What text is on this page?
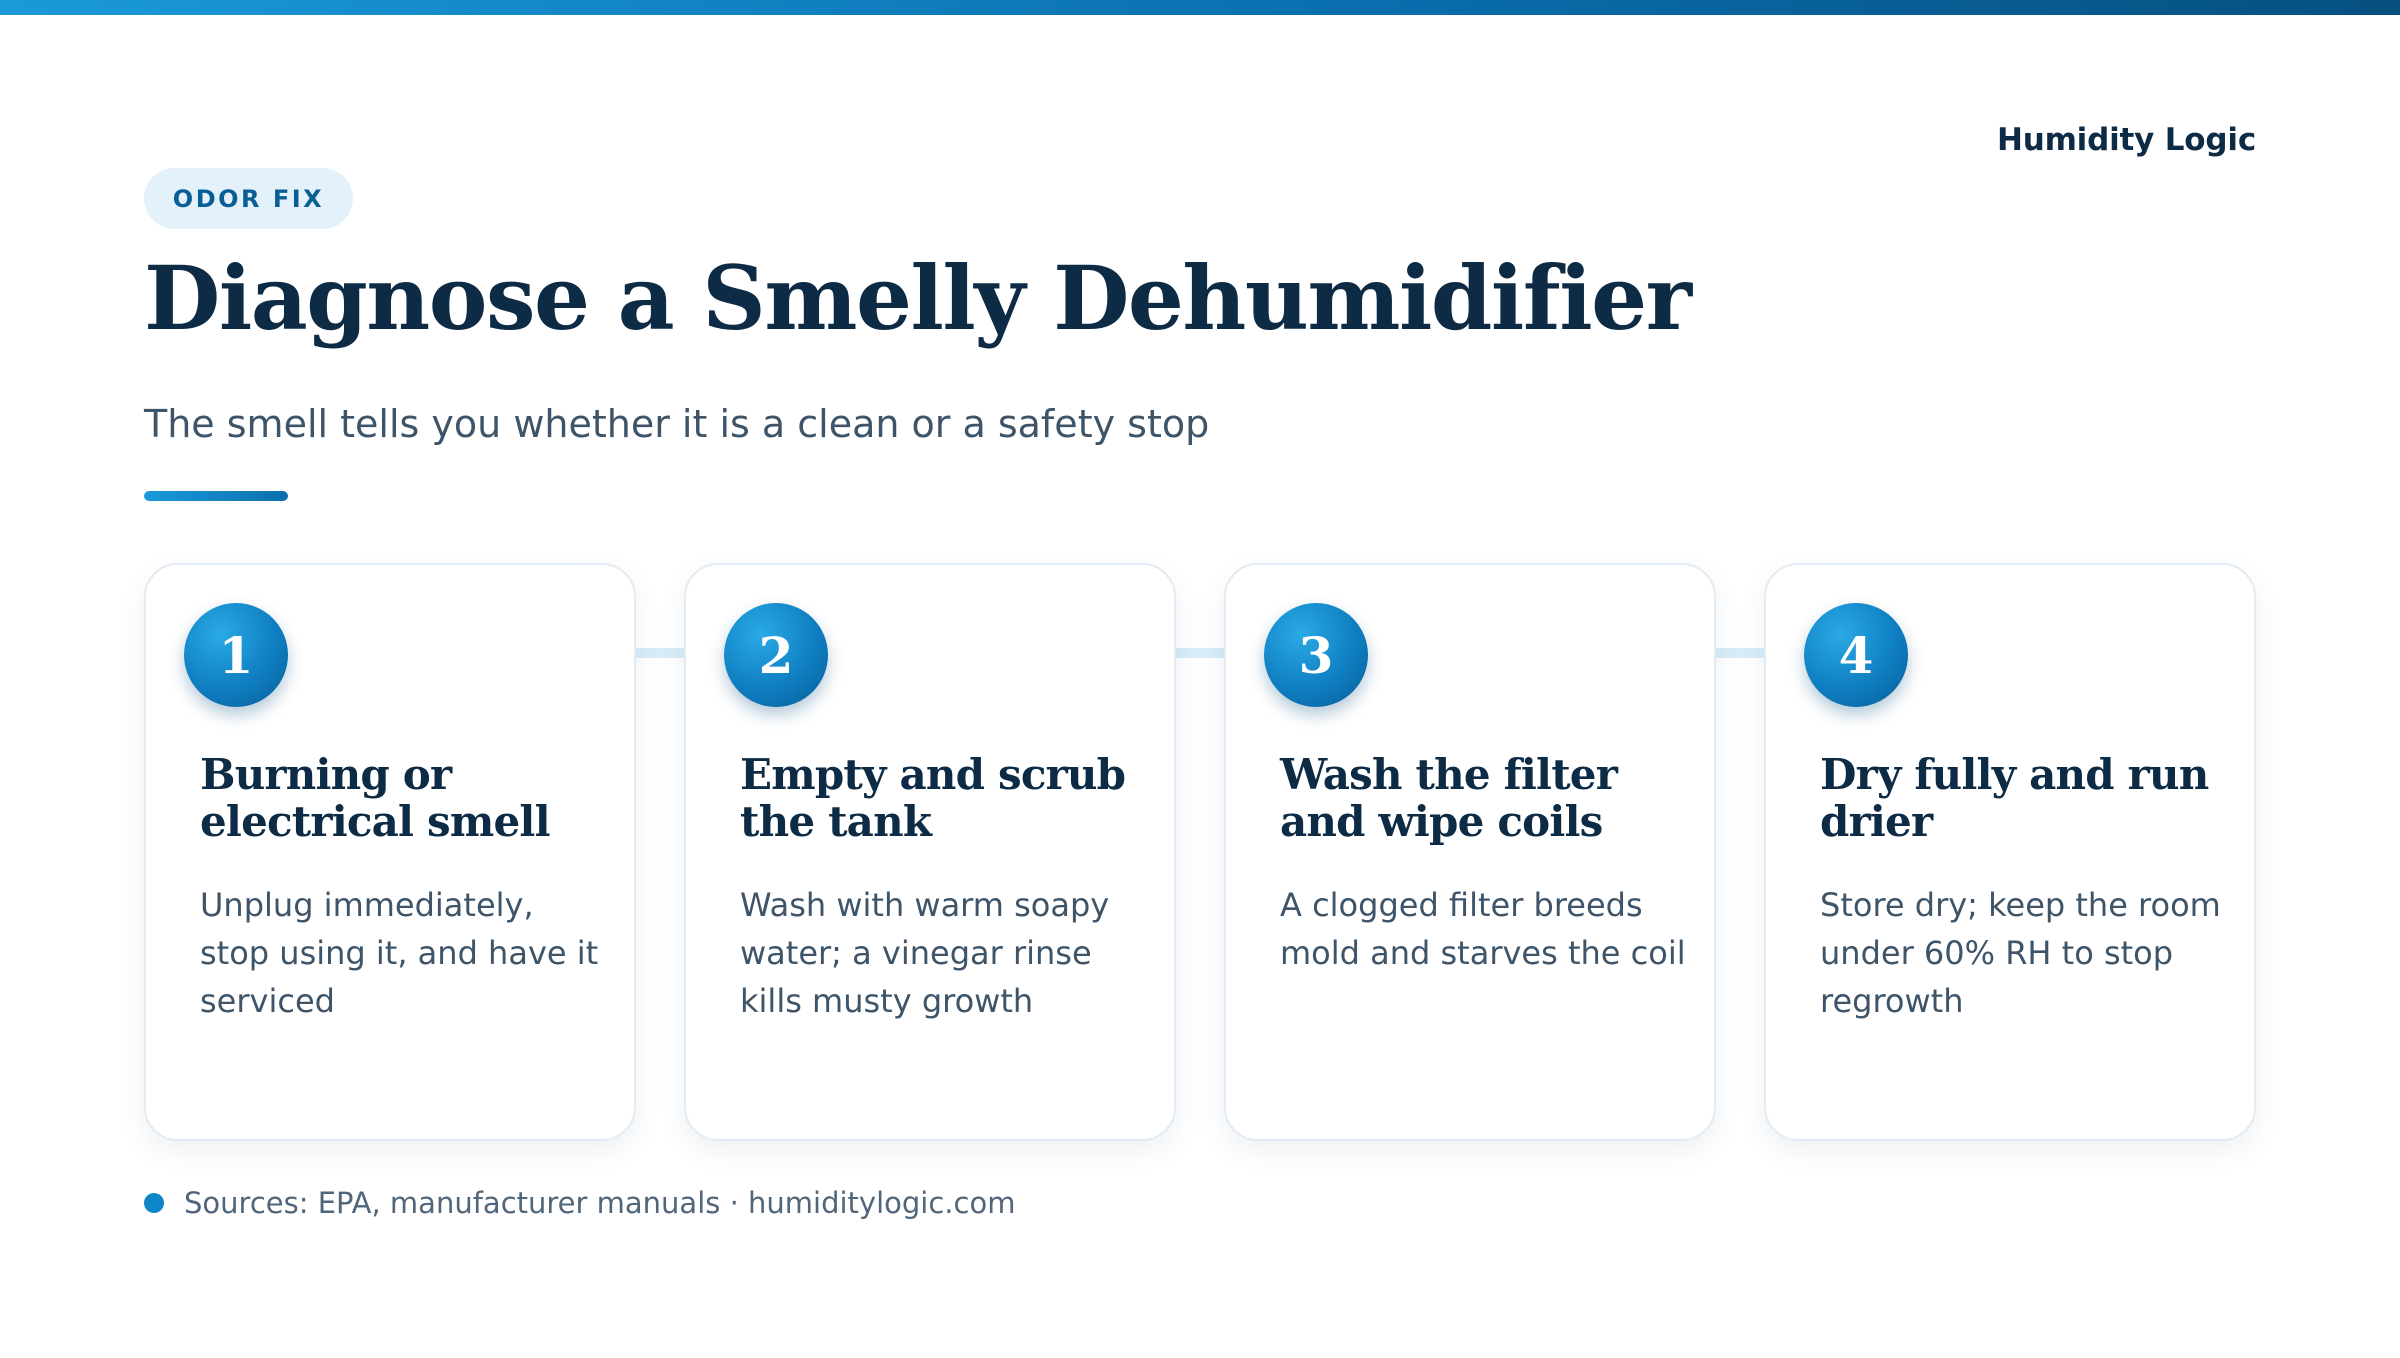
Humidity Logic
ODOR FIX
Diagnose a Smelly Dehumidifier

The smell tells you whether it is a clean or a safety stop

1
Burning or electrical smell

Unplug immediately, stop using it, and have it serviced

2
Empty and scrub the tank

Wash with warm soapy water; a vinegar rinse kills musty growth

3
Wash the filter and wipe coils

A clogged filter breeds mold and starves the coil

4
Dry fully and run drier

Store dry; keep the room under 60% RH to stop regrowth

Sources: EPA, manufacturer manuals · humiditylogic.com
